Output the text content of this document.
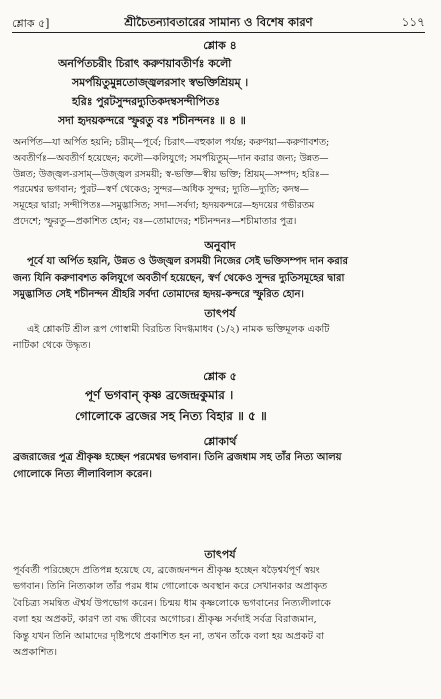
শ্লোক ৫]	শ্রীচৈতন্যাবতারের সামান্য ও বিশেষ কারণ	১১৭
শ্লোক ৪
অনর্পিতচরীং চিরাৎ করুণয়াবতীর্ণঃ কলৌ
সমর্পয়িতুমুন্নতোজ্জ্বলরসাং স্বভক্তিশ্রিয়ম্ ।
হরিঃ পুরটসুন্দরদ্যুতিকদম্বসন্দীপিতঃ
সদা হৃদয়কন্দরে স্ফুরতু বঃ শচীনন্দনঃ ॥ ৪ ॥
অনর্পিত—যা অর্পিত হয়নি; চরীম্—পূর্বে; চিরাৎ—বহুকাল পর্যন্ত; করুণয়া—করুণাবশত;
অবতীর্ণঃ—অবতীর্ণ হয়েছেন; কলৌ—কলিযুগে; সমর্পয়িতুম্—দান করার জন্য; উন্নত—
উন্নত; উজ্জ্বল-রসাম্—উজ্জ্বল রসময়ী; স্ব-ভক্তি—স্বীয় ভক্তি; শ্রিয়ম্—সম্পদ; হরিঃ—
পরমেশ্বর ভগবান; পুরট—স্বর্ণ থেকেও; সুন্দর—অধিক সুন্দর; দ্যুতি—দ্যুতি; কদম্ব—
সমূহের দ্বারা; সন্দীপিতঃ—সমুদ্ভাসিত; সদা—সর্বদা; হৃদয়কন্দরে—হৃদয়ের গভীরতম
প্রদেশে; স্ফুরতু—প্রকাশিত হোন; বঃ—তোমাদের; শচীনন্দনঃ—শচীমাতার পুত্র।
অনুবাদ
পূর্বে যা অর্পিত হয়নি, উন্নত ও উজ্জ্বল রসময়ী নিজের সেই ভক্তিসম্পদ দান করার
জন্য যিনি করুণাবশত কলিযুগে অবতীর্ণ হয়েছেন, স্বর্ণ থেকেও সুন্দর দ্যুতিসমূহের দ্বারা
সমুদ্ভাসিত সেই শচীনন্দন শ্রীহরি সর্বদা তোমাদের হৃদয়-কন্দরে স্ফুরিত হোন।
তাৎপর্য
এই শ্লোকটি শ্রীল রূপ গোস্বামী বিরচিত বিদগ্ধমাধব (১/২) নামক ভক্তিমূলক একটি
নাটিকা থেকে উদ্ধৃত।
শ্লোক ৫
পূর্ণ ভগবান্ কৃষ্ণ ব্রজেন্দ্রকুমার ।
গোলোকে ব্রজের সহ নিত্য বিহার ॥ ৫ ॥
শ্লোকার্থ
ব্রজরাজের পুত্র শ্রীকৃষ্ণ হচ্ছেন পরমেশ্বর ভগবান। তিনি ব্রজধাম সহ তাঁর নিত্য আলয়
গোলোকে নিত্য লীলাবিলাস করেন।
তাৎপর্য
পূর্ববর্তী পরিচ্ছেদে প্রতিপন্ন হয়েছে যে, ব্রজেন্দ্রনন্দন শ্রীকৃষ্ণ হচ্ছেন ষড়ৈশ্বর্যপূর্ণ স্বয়ং
ভগবান। তিনি নিত্যকাল তাঁর পরম ধাম গোলোকে অবস্থান করে সেখানকার অপ্রাকৃত
বৈচিত্র্য সমন্বিত ঐশ্বর্য উপভোগ করেন। চিন্ময় ধাম কৃষ্ণলোকে ভগবানের নিত্যলীলাকে
বলা হয় অপ্রকট, কারণ তা বদ্ধ জীবের অগোচর। শ্রীকৃষ্ণ সর্বদাই সর্বত্র বিরাজমান,
কিন্তু যখন তিনি আমাদের দৃষ্টিপথে প্রকাশিত হন না, তখন তাঁকে বলা হয় অপ্রকট বা
অপ্রকাশিত।
